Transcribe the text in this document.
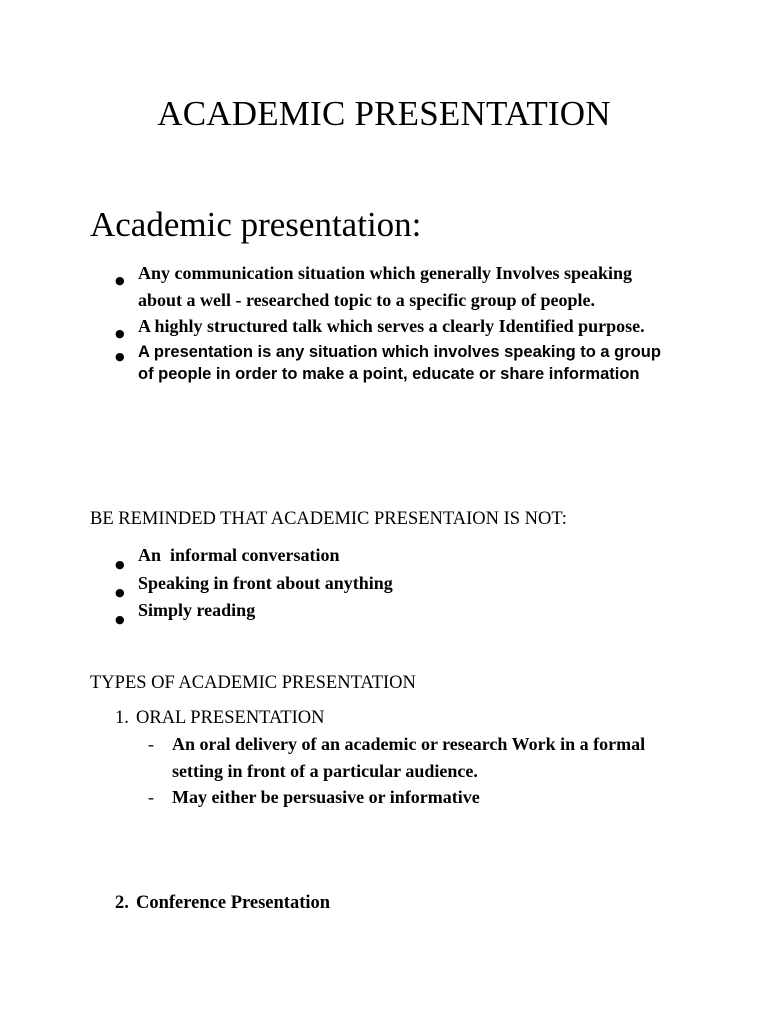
ACADEMIC PRESENTATION
Academic presentation:
● Any communication situation which generally Involves speaking about a well - researched topic to a specific group of people.
● A highly structured talk which serves a clearly Identified purpose.
● A presentation is any situation which involves speaking to a group of people in order to make a point, educate or share information
BE REMINDED THAT ACADEMIC PRESENTAION IS NOT:
● An  informal conversation
● Speaking in front about anything
● Simply reading
TYPES OF ACADEMIC PRESENTATION
1. ORAL PRESENTATION
- An oral delivery of an academic or research Work in a formal setting in front of a particular audience.
- May either be persuasive or informative
2. Conference Presentation
